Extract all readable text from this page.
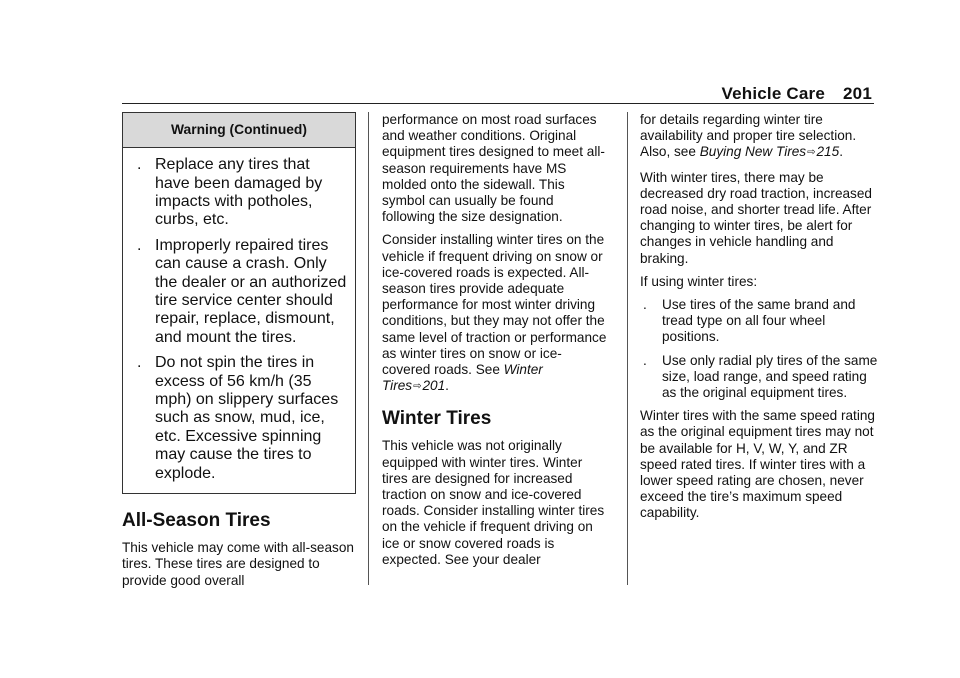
Vehicle Care 201
Warning (Continued)
. Replace any tires that have been damaged by impacts with potholes, curbs, etc.
. Improperly repaired tires can cause a crash. Only the dealer or an authorized tire service center should repair, replace, dismount, and mount the tires.
. Do not spin the tires in excess of 56 km/h (35 mph) on slippery surfaces such as snow, mud, ice, etc. Excessive spinning may cause the tires to explode.
All-Season Tires

This vehicle may come with all-season tires. These tires are designed to provide good overall

performance on most road surfaces and weather conditions. Original equipment tires designed to meet all-season requirements have MS molded onto the sidewall. This symbol can usually be found following the size designation.

Consider installing winter tires on the vehicle if frequent driving on snow or ice-covered roads is expected. All-season tires provide adequate performance for most winter driving conditions, but they may not offer the same level of traction or performance as winter tires on snow or ice-covered roads. See Winter Tires⇨201.

Winter Tires

This vehicle was not originally equipped with winter tires. Winter tires are designed for increased traction on snow and ice-covered roads. Consider installing winter tires on the vehicle if frequent driving on ice or snow covered roads is expected. See your dealer

for details regarding winter tire availability and proper tire selection. Also, see Buying New Tires⇨215.

With winter tires, there may be decreased dry road traction, increased road noise, and shorter tread life. After changing to winter tires, be alert for changes in vehicle handling and braking.

If using winter tires:

.	Use tires of the same brand and tread type on all four wheel positions.
.	Use only radial ply tires of the same size, load range, and speed rating as the original equipment tires.

Winter tires with the same speed rating as the original equipment tires may not be available for H, V, W, Y, and ZR speed rated tires. If winter tires with a lower speed rating are chosen, never exceed the tire’s maximum speed capability.
